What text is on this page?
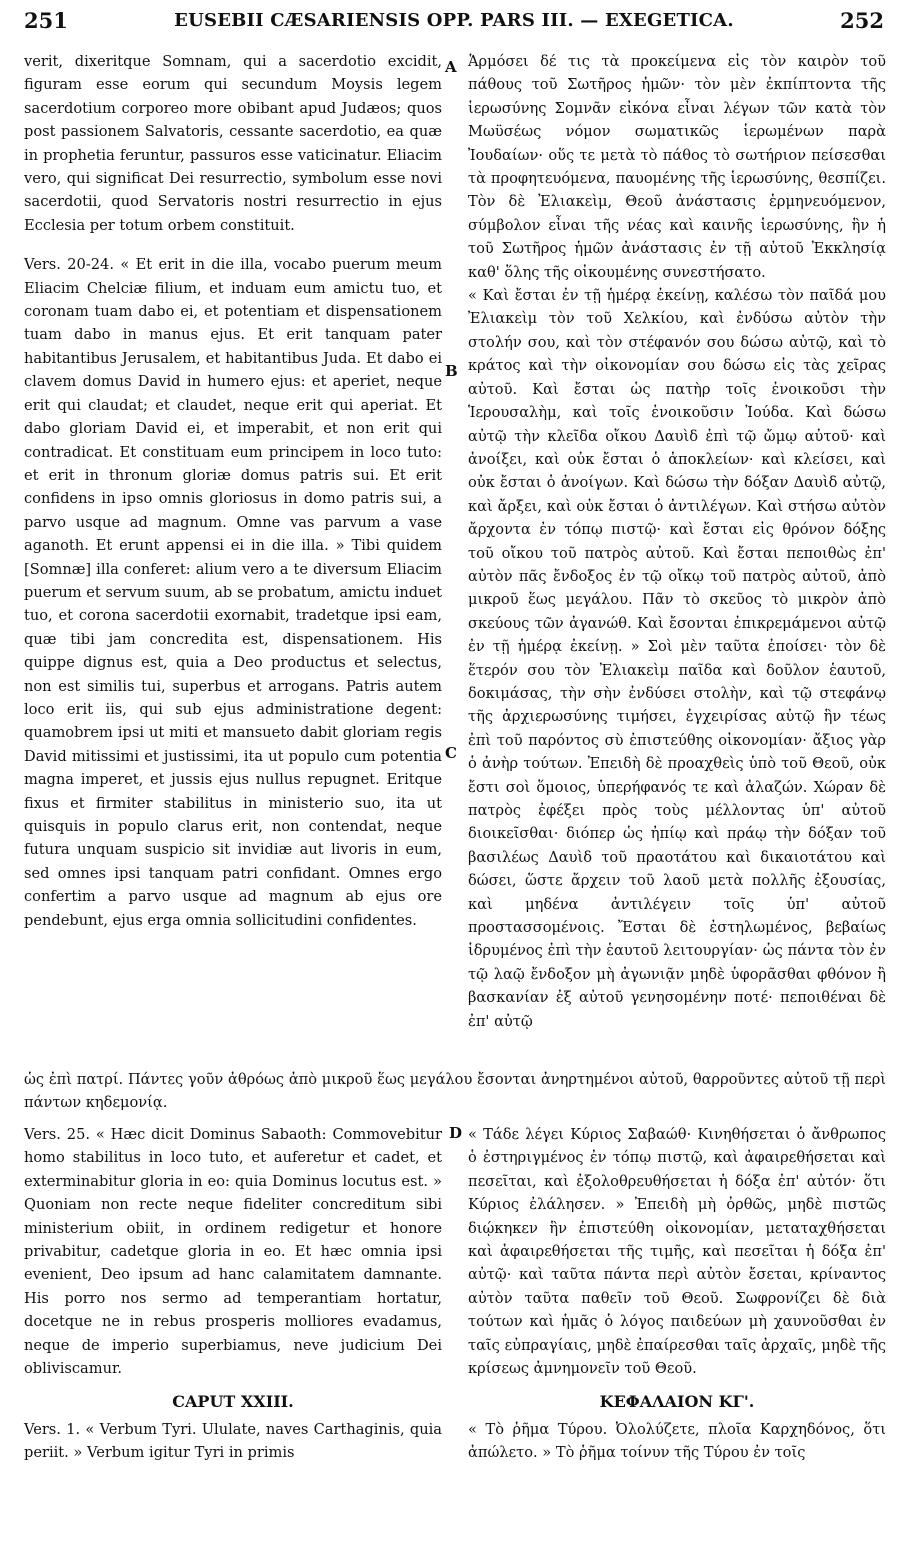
251	EUSEBII CÆSARIENSIS OPP. PARS III. — EXEGETICA.	252
A
B
C
D

verit, dixeritque Somnam, qui a sacerdotio excidit, figuram esse eorum qui secundum Moysis legem sacerdotium corporeo more obibant apud Judæos; quos post passionem Salvatoris, cessante sacerdotio, ea quæ in prophetia feruntur, passuros esse vaticinatur. Eliacim vero, qui significat Dei resurrectio, symbolum esse novi sacerdotii, quod Servatoris nostri resurrectio in ejus Ecclesia per totum orbem constituit.

Vers. 20-24. « Et erit in die illa, vocabo puerum meum Eliacim Chelciæ filium, et induam eum amictu tuo, et coronam tuam dabo ei, et potentiam et dispensationem tuam dabo in manus ejus. Et erit tanquam pater habitantibus Jerusalem, et habitantibus Juda. Et dabo ei clavem domus David in humero ejus: et aperiet, neque erit qui claudat; et claudet, neque erit qui aperiat. Et dabo gloriam David ei, et imperabit, et non erit qui contradicat. Et constituam eum principem in loco tuto: et erit in thronum gloriæ domus patris sui. Et erit confidens in ipso omnis gloriosus in domo patris sui, a parvo usque ad magnum. Omne vas parvum a vase aganoth. Et erunt appensi ei in die illa. » Tibi quidem [Somnæ] illa conferet: alium vero a te diversum Eliacim puerum et servum suum, ab se probatum, amictu induet tuo, et corona sacerdotii exornabit, tradetque ipsi eam, quæ tibi jam concredita est, dispensationem. His quippe dignus est, quia a Deo productus et selectus, non est similis tui, superbus et arrogans. Patris autem loco erit iis, qui sub ejus administratione degent: quamobrem ipsi ut miti et mansueto dabit gloriam regis David mitissimi et justissimi, ita ut populo cum potentia magna imperet, et jussis ejus nullus repugnet. Eritque fixus et firmiter stabilitus in ministerio suo, ita ut quisquis in populo clarus erit, non contendat, neque futura unquam suspicio sit invidiæ aut livoris in eum, sed omnes ipsi tanquam patri confidant. Omnes ergo confertim a parvo usque ad magnum ab ejus ore pendebunt, ejus erga omnia sollicitudini confidentes.

Ἁρμόσει δέ τις τὰ προκείμενα εἰς τὸν καιρὸν τοῦ πάθους τοῦ Σωτῆρος ἡμῶν· τὸν μὲν ἐκπίπτοντα τῆς ἱερωσύνης Σομνᾶν εἰκόνα εἶναι λέγων τῶν κατὰ τὸν Μωϋσέως νόμον σωματικῶς ἱερωμένων παρὰ Ἰουδαίων· οὕς τε μετὰ τὸ πάθος τὸ σωτήριον πείσεσθαι τὰ προφητευόμενα, παυομένης τῆς ἱερωσύνης, θεσπίζει. Τὸν δὲ Ἐλιακεὶμ, Θεοῦ ἀνάστασις ἑρμηνευόμενον, σύμβολον εἶναι τῆς νέας καὶ καινῆς ἱερωσύνης, ἣν ἡ τοῦ Σωτῆρος ἡμῶν ἀνάστασις ἐν τῇ αὐτοῦ Ἐκκλησίᾳ καθ' ὅλης τῆς οἰκουμένης συνεστήσατο.

« Καὶ ἔσται ἐν τῇ ἡμέρᾳ ἐκείνῃ, καλέσω τὸν παῖδά μου Ἐλιακεὶμ τὸν τοῦ Χελκίου, καὶ ἐνδύσω αὐτὸν τὴν στολήν σου, καὶ τὸν στέφανόν σου δώσω αὐτῷ, καὶ τὸ κράτος καὶ τὴν οἰκονομίαν σου δώσω εἰς τὰς χεῖρας αὐτοῦ. Καὶ ἔσται ὡς πατὴρ τοῖς ἐνοικοῦσι τὴν Ἱερουσαλὴμ, καὶ τοῖς ἐνοικοῦσιν Ἰούδα. Καὶ δώσω αὐτῷ τὴν κλεῖδα οἴκου Δαυὶδ ἐπὶ τῷ ὤμῳ αὐτοῦ· καὶ ἀνοίξει, καὶ οὐκ ἔσται ὁ ἀποκλείων· καὶ κλείσει, καὶ οὐκ ἔσται ὁ ἀνοίγων. Καὶ δώσω τὴν δόξαν Δαυὶδ αὐτῷ, καὶ ἄρξει, καὶ οὐκ ἔσται ὁ ἀντιλέγων. Καὶ στήσω αὐτὸν ἄρχοντα ἐν τόπῳ πιστῷ· καὶ ἔσται εἰς θρόνον δόξης τοῦ οἴκου τοῦ πατρὸς αὐτοῦ. Καὶ ἔσται πεποιθὼς ἐπ' αὐτὸν πᾶς ἔνδοξος ἐν τῷ οἴκῳ τοῦ πατρὸς αὐτοῦ, ἀπὸ μικροῦ ἕως μεγάλου. Πᾶν τὸ σκεῦος τὸ μικρὸν ἀπὸ σκεύους τῶν ἀγανώθ. Καὶ ἔσονται ἐπικρεμάμενοι αὐτῷ ἐν τῇ ἡμέρᾳ ἐκείνῃ. » Σοὶ μὲν ταῦτα ἐποίσει· τὸν δὲ ἕτερόν σου τὸν Ἐλιακεὶμ παῖδα καὶ δοῦλον ἑαυτοῦ, δοκιμάσας, τὴν σὴν ἐνδύσει στολὴν, καὶ τῷ στεφάνῳ τῆς ἀρχιερωσύνης τιμήσει, ἐγχειρίσας αὐτῷ ἣν τέως ἐπὶ τοῦ παρόντος σὺ ἐπιστεύθης οἰκονομίαν· ἄξιος γὰρ ὁ ἀνὴρ τούτων. Ἐπειδὴ δὲ προαχθεὶς ὑπὸ τοῦ Θεοῦ, οὐκ ἔστι σοὶ ὅμοιος, ὑπερήφανός τε καὶ ἀλαζών. Χώραν δὲ πατρὸς ἐφέξει πρὸς τοὺς μέλλοντας ὑπ' αὐτοῦ διοικεῖσθαι· διόπερ ὡς ἠπίῳ καὶ πράῳ τὴν δόξαν τοῦ βασιλέως Δαυὶδ τοῦ πραοτάτου καὶ δικαιοτάτου καὶ δώσει, ὥστε ἄρχειν τοῦ λαοῦ μετὰ πολλῆς ἐξουσίας, καὶ μηδένα ἀντιλέγειν τοῖς ὑπ' αὐτοῦ προστασσομένοις. Ἔσται δὲ ἐστηλωμένος, βεβαίως ἱδρυμένος ἐπὶ τὴν ἑαυτοῦ λειτουργίαν· ὡς πάντα τὸν ἐν τῷ λαῷ ἔνδοξον μὴ ἀγωνιᾷν μηδὲ ὑφορᾶσθαι φθόνον ἢ βασκανίαν ἐξ αὐτοῦ γενησομένην ποτέ· πεποιθέναι δὲ ἐπ' αὐτῷ

ὡς ἐπὶ πατρί. Πάντες γοῦν ἀθρόως ἀπὸ μικροῦ ἕως μεγάλου ἔσονται ἀνηρτημένοι αὐτοῦ, θαρροῦντες αὐτοῦ τῇ περὶ πάντων κηδεμονίᾳ.

Vers. 25. « Hæc dicit Dominus Sabaoth: Commovebitur homo stabilitus in loco tuto, et auferetur et cadet, et exterminabitur gloria in eo: quia Dominus locutus est. » Quoniam non recte neque fideliter concreditum sibi ministerium obiit, in ordinem redigetur et honore privabitur, cadetque gloria in eo. Et hæc omnia ipsi evenient, Deo ipsum ad hanc calamitatem damnante. His porro nos sermo ad temperantiam hortatur, docetque ne in rebus prosperis molliores evadamus, neque de imperio superbiamus, neve judicium Dei obliviscamur.

CAPUT XXIII.

Vers. 1. « Verbum Tyri. Ululate, naves Carthaginis, quia periit. » Verbum igitur Tyri in primis

« Τάδε λέγει Κύριος Σαβαώθ· Κινηθήσεται ὁ ἄνθρωπος ὁ ἐστηριγμένος ἐν τόπῳ πιστῷ, καὶ ἀφαιρεθήσεται καὶ πεσεῖται, καὶ ἐξολοθρευθήσεται ἡ δόξα ἐπ' αὐτόν· ὅτι Κύριος ἐλάλησεν. » Ἐπειδὴ μὴ ὀρθῶς, μηδὲ πιστῶς διῴκηκεν ἣν ἐπιστεύθη οἰκονομίαν, μεταταχθήσεται καὶ ἀφαιρεθήσεται τῆς τιμῆς, καὶ πεσεῖται ἡ δόξα ἐπ' αὐτῷ· καὶ ταῦτα πάντα περὶ αὐτὸν ἔσεται, κρίναντος αὐτὸν ταῦτα παθεῖν τοῦ Θεοῦ. Σωφρονίζει δὲ διὰ τούτων καὶ ἡμᾶς ὁ λόγος παιδεύων μὴ χαυνοῦσθαι ἐν ταῖς εὐπραγίαις, μηδὲ ἐπαίρεσθαι ταῖς ἀρχαῖς, μηδὲ τῆς κρίσεως ἀμνημονεῖν τοῦ Θεοῦ.

ΚΕΦΑΛΑΙΟΝ ΚΓ'.

« Τὸ ῥῆμα Τύρου. Ὀλολύζετε, πλοῖα Καρχηδόνος, ὅτι ἀπώλετο. » Τὸ ῥῆμα τοίνυν τῆς Τύρου ἐν τοῖς
